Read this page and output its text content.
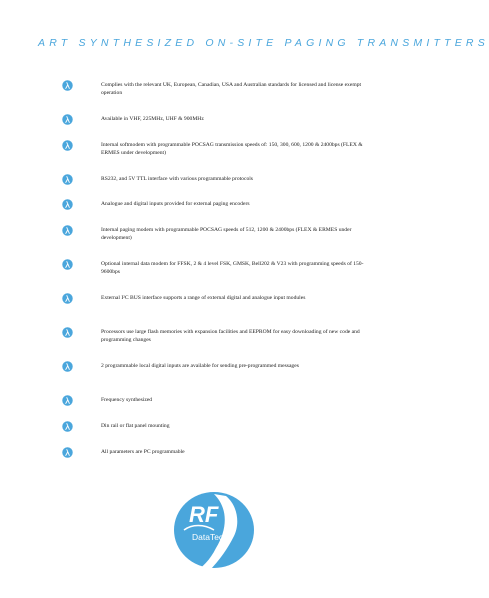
ART SYNTHESIZED ON-SITE PAGING TRANSMITTERS
Complies with the relevant UK, European, Canadian, USA and Australian standards for licensed and license exempt operation
Available in VHF, 225MHz, UHF & 900MHz
Internal softmodem with programmable POCSAG transmission speeds of: 150, 300, 600, 1200 & 2400bps (FLEX & ERMES under development)
RS232, and 5V TTL interface with various programmable protocols
Analogue and digital inputs provided for external paging encoders
Internal paging modem with programmable POCSAG speeds of 512, 1200 & 2400bps (FLEX & ERMES under development)
Optional internal data modem for FFSK, 2 & 4 level FSK, GMSK, Bell202 & V23 with programming speeds of 150-9600bps
External I²C BUS interface supports a range of external digital and analogue input modules
Processors use large flash memories with expansion facilities and EEPROM for easy downloading of new code and programming changes
2 programmable local digital inputs are available for sending pre-programmed messages
Frequency synthesized
Din rail or flat panel mounting
All parameters are PC programmable
RF
DataTech
